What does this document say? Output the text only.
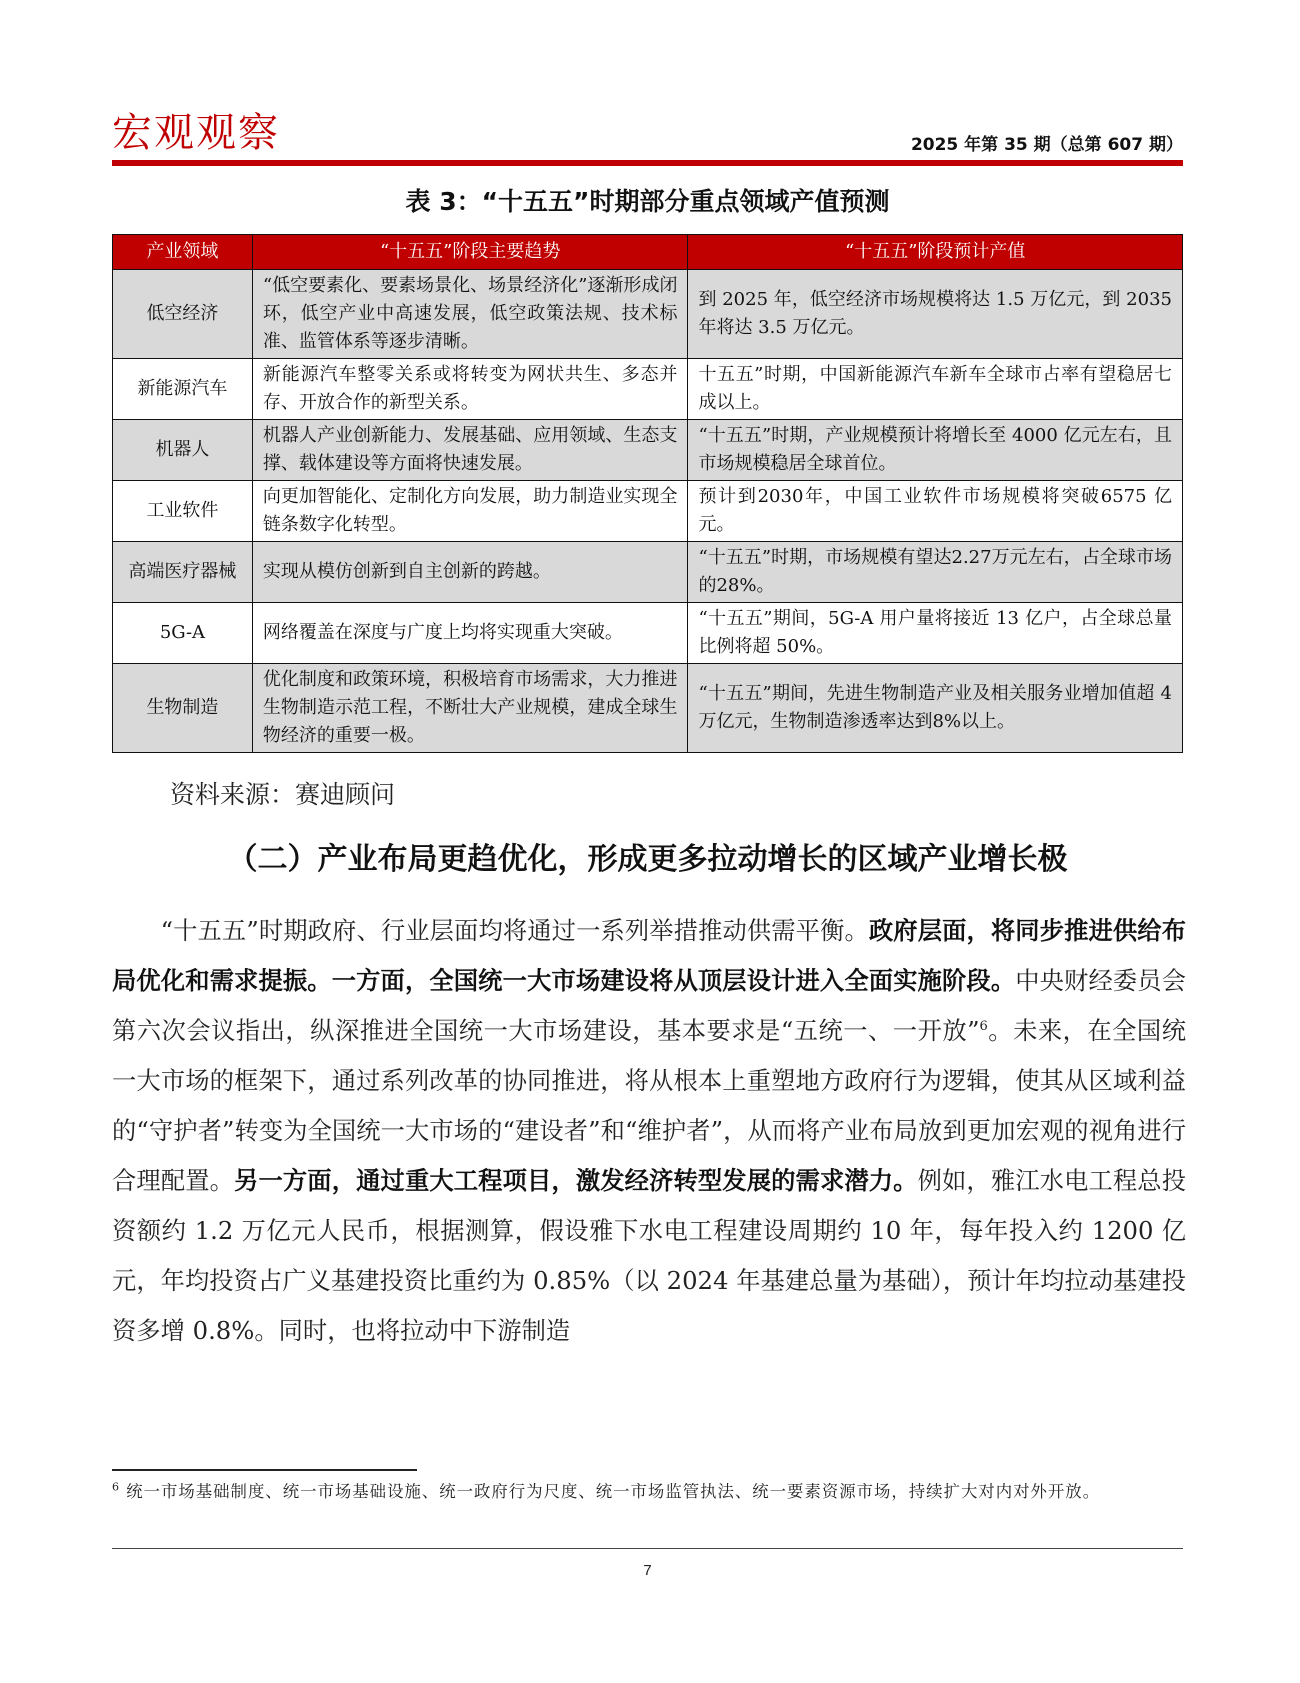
宏观观察	2025 年第 35 期（总第 607 期）
表 3：“十五五”时期部分重点领域产值预测
产业领域	“十五五”阶段主要趋势	“十五五”阶段预计产值
低空经济	“低空要素化、要素场景化、场景经济化”逐渐形成闭环，低空产业中高速发展，低空政策法规、技术标准、监管体系等逐步清晰。	到 2025 年，低空经济市场规模将达 1.5 万亿元，到 2035 年将达 3.5 万亿元。
新能源汽车	新能源汽车整零关系或将转变为网状共生、多态并存、开放合作的新型关系。	十五五”时期，中国新能源汽车新车全球市占率有望稳居七成以上。
机器人	机器人产业创新能力、发展基础、应用领域、生态支撑、载体建设等方面将快速发展。	“十五五”时期，产业规模预计将增长至 4000 亿元左右，且市场规模稳居全球首位。
工业软件	向更加智能化、定制化方向发展，助力制造业实现全链条数字化转型。	预计到2030年，中国工业软件市场规模将突破6575 亿元。
高端医疗器械	实现从模仿创新到自主创新的跨越。	“十五五”时期，市场规模有望达2.27万元左右，占全球市场的28%。
5G-A	网络覆盖在深度与广度上均将实现重大突破。	“十五五”期间，5G-A 用户量将接近 13 亿户，占全球总量比例将超 50%。
生物制造	优化制度和政策环境，积极培育市场需求，大力推进生物制造示范工程，不断壮大产业规模，建成全球生物经济的重要一极。	“十五五”期间，先进生物制造产业及相关服务业增加值超 4 万亿元，生物制造渗透率达到8%以上。
资料来源：赛迪顾问
（二）产业布局更趋优化，形成更多拉动增长的区域产业增长极

“十五五”时期政府、行业层面均将通过一系列举措推动供需平衡。政府层面，将同步推进供给布局优化和需求提振。一方面，全国统一大市场建设将从顶层设计进入全面实施阶段。中央财经委员会第六次会议指出，纵深推进全国统一大市场建设，基本要求是“五统一、一开放”$^6$。未来，在全国统一大市场的框架下，通过系列改革的协同推进，将从根本上重塑地方政府行为逻辑，使其从区域利益的“守护者”转变为全国统一大市场的“建设者”和“维护者”，从而将产业布局放到更加宏观的视角进行合理配置。另一方面，通过重大工程项目，激发经济转型发展的需求潜力。例如，雅江水电工程总投资额约 1.2 万亿元人民币，根据测算，假设雅下水电工程建设周期约 10 年，每年投入约 1200 亿元，年均投资占广义基建投资比重约为 0.85%（以 2024 年基建总量为基础），预计年均拉动基建投资多增 0.8%。同时，也将拉动中下游制造

$^6$ 统一市场基础制度、统一市场基础设施、统一政府行为尺度、统一市场监管执法、统一要素资源市场，持续扩大对内对外开放。
7
